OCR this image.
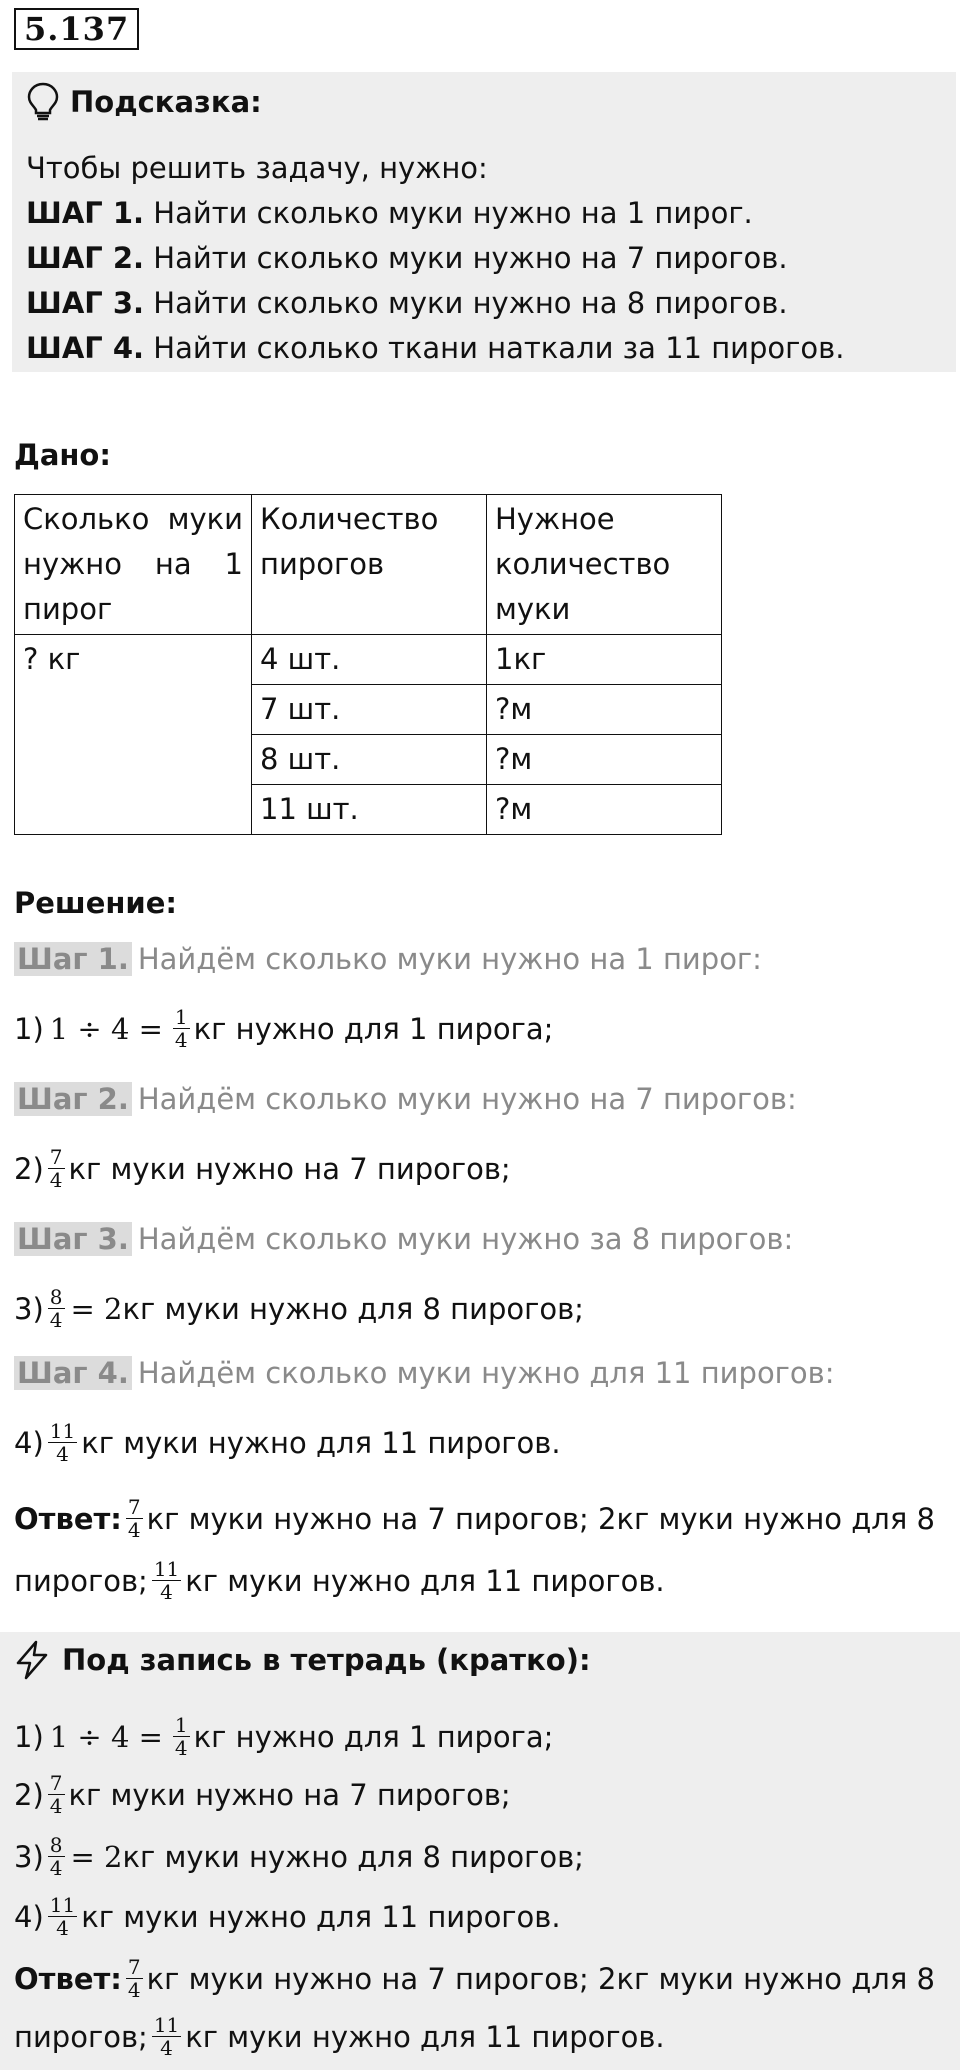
5.137
Подсказка:
Чтобы решить задачу, нужно:
ШАГ 1. Найти сколько муки нужно на 1 пирог.
ШАГ 2. Найти сколько муки нужно на 7 пирогов.
ШАГ 3. Найти сколько муки нужно на 8 пирогов.
ШАГ 4. Найти сколько ткани наткали за 11 пирогов.
Дано:
Сколько муки нужно на 1 пирог	Количество пирогов	Нужное количество муки
? кг	4 шт.	1кг
	7 шт.	?м
	8 шт.	?м
	11 шт.	?м
Решение:
Шаг 1. Найдём сколько муки нужно на 1 пирог:
1) $1 \div 4 = \frac{1}{4}$ кг нужно для 1 пирога;
Шаг 2. Найдём сколько муки нужно на 7 пирогов:
$2) \frac{7}{4}$ кг муки нужно на 7 пирогов;
Шаг 3. Найдём сколько муки нужно за 8 пирогов:
$3) \frac{8}{4} = 2$ кг муки нужно для 8 пирогов;
Шаг 4. Найдём сколько муки нужно для 11 пирогов:
$4) \frac{11}{4}$ кг муки нужно для 11 пирогов.
Ответ: $\frac{7}{4}$ кг муки нужно на 7 пирогов; 2кг муки нужно для 8
пирогов; $\frac{11}{4}$ кг муки нужно для 11 пирогов.
Под запись в тетрадь (кратко):
1) $1 \div 4 = \frac{1}{4}$ кг нужно для 1 пирога;
$2) \frac{7}{4}$ кг муки нужно на 7 пирогов;
$3) \frac{8}{4} = 2$ кг муки нужно для 8 пирогов;
$4) \frac{11}{4}$ кг муки нужно для 11 пирогов.
Ответ: $\frac{7}{4}$ кг муки нужно на 7 пирогов; 2кг муки нужно для 8
пирогов; $\frac{11}{4}$ кг муки нужно для 11 пирогов.
